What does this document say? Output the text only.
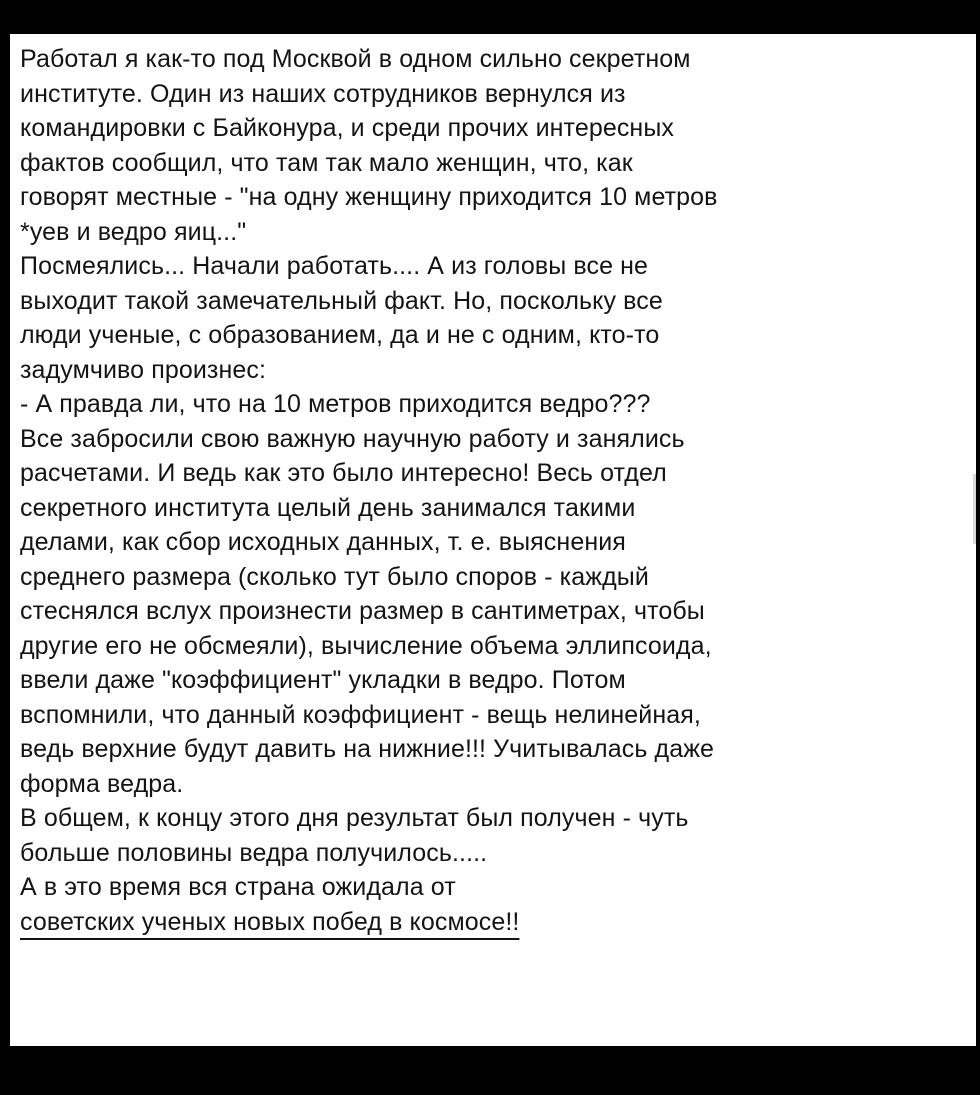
Работал я как-то под Москвой в одном сильно секретном
институте. Один из наших сотрудников вернулся из
командировки с Байконура, и среди прочих интересных
фактов сообщил, что там так мало женщин, что, как
говорят местные - "на одну женщину приходится 10 метров
*уев и ведро яиц..."
Посмеялись... Начали работать.... А из головы все не
выходит такой замечательный факт. Но, поскольку все
люди ученые, с образованием, да и не с одним, кто-то
задумчиво произнес:
- А правда ли, что на 10 метров приходится ведро???
Все забросили свою важную научную работу и занялись
расчетами. И ведь как это было интересно! Весь отдел
секретного института целый день занимался такими
делами, как сбор исходных данных, т. е. выяснения
среднего размера (сколько тут было споров - каждый
стеснялся вслух произнести размер в сантиметрах, чтобы
другие его не обсмеяли), вычисление объема эллипсоида,
ввели даже "коэффициент" укладки в ведро. Потом
вспомнили, что данный коэффициент - вещь нелинейная,
ведь верхние будут давить на нижние!!! Учитывалась даже
форма ведра.
В общем, к концу этого дня результат был получен - чуть
больше половины ведра получилось.....
А в это время вся страна ожидала от
советских ученых новых побед в космосе!!
